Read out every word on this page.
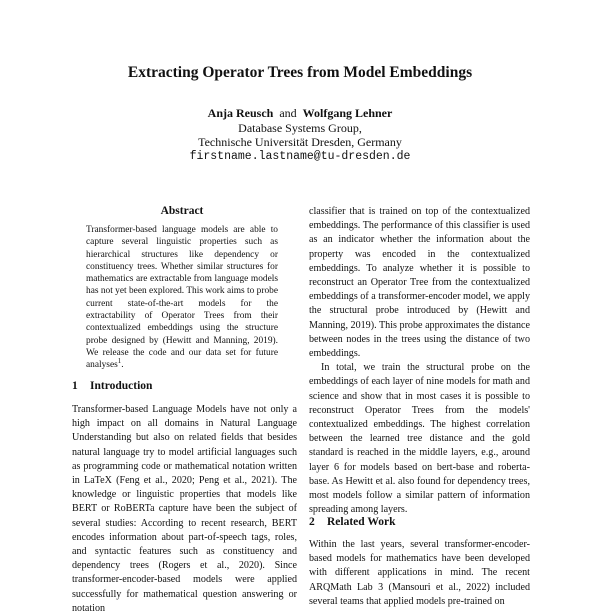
Extracting Operator Trees from Model Embeddings
Anja Reusch and Wolfgang Lehner
Database Systems Group,
Technische Universität Dresden, Germany
firstname.lastname@tu-dresden.de
Abstract
Transformer-based language models are able to capture several linguistic properties such as hierarchical structures like dependency or constituency trees. Whether similar structures for mathematics are extractable from language models has not yet been explored. This work aims to probe current state-of-the-art models for the extractability of Operator Trees from their contextualized embeddings using the structure probe designed by (Hewitt and Manning, 2019). We release the code and our data set for future analyses$^1$.
1 Introduction
Transformer-based Language Models have not only a high impact on all domains in Natural Language Understanding but also on related fields that besides natural language try to model artificial languages such as programming code or mathematical notation written in LaTeX (Feng et al., 2020; Peng et al., 2021). The knowledge or linguistic properties that models like BERT or RoBERTa capture have been the subject of several studies: According to recent research, BERT encodes information about part-of-speech tags, roles, and syntactic features such as constituency and dependency trees (Rogers et al., 2020). Since transformer-encoder-based models were applied successfully for mathematical question answering or notation
classifier that is trained on top of the contextualized embeddings. The performance of this classifier is used as an indicator whether the information about the property was encoded in the contextualized embeddings. To analyze whether it is possible to reconstruct an Operator Tree from the contextualized embeddings of a transformer-encoder model, we apply the structural probe introduced by (Hewitt and Manning, 2019). This probe approximates the distance between nodes in the trees using the distance of two embeddings.
In total, we train the structural probe on the embeddings of each layer of nine models for math and science and show that in most cases it is possible to reconstruct Operator Trees from the models' contextualized embeddings. The highest correlation between the learned tree distance and the gold standard is reached in the middle layers, e.g., around layer 6 for models based on bert-base and roberta-base. As Hewitt et al. also found for dependency trees, most models follow a similar pattern of information spreading among layers.
2 Related Work
Within the last years, several transformer-encoder-based models for mathematics have been developed with different applications in mind. The recent ARQMath Lab 3 (Mansouri et al., 2022) included several teams that applied models pre-trained on
